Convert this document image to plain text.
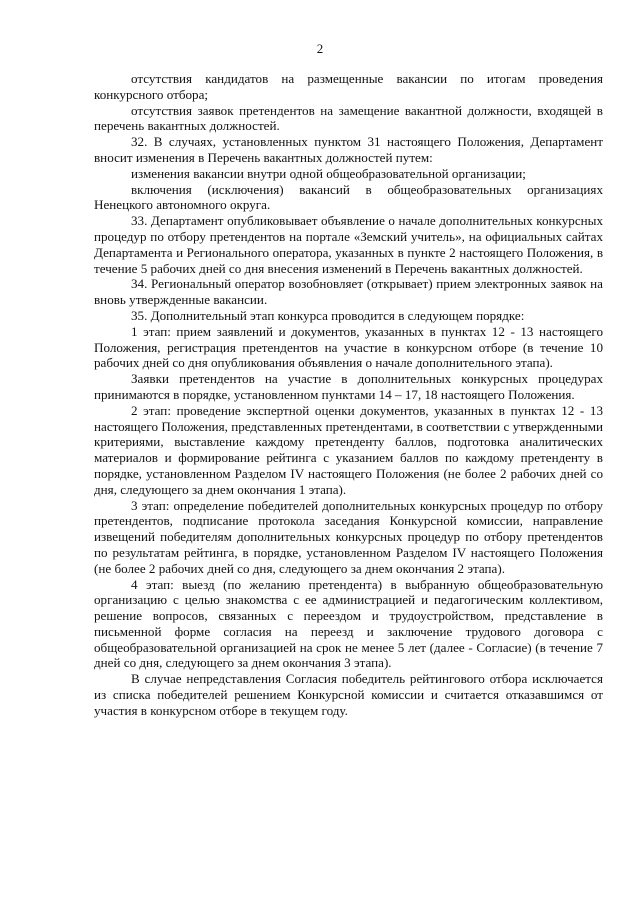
2

отсутствия кандидатов на размещенные вакансии по итогам проведения конкурсного отбора;

отсутствия заявок претендентов на замещение вакантной должности, входящей в перечень вакантных должностей.

32. В случаях, установленных пунктом 31 настоящего Положения, Департамент вносит изменения в Перечень вакантных должностей путем:

изменения вакансии внутри одной общеобразовательной организации;

включения (исключения) вакансий в общеобразовательных организациях Ненецкого автономного округа.

33. Департамент опубликовывает объявление о начале дополнительных конкурсных процедур по отбору претендентов на портале «Земский учитель», на официальных сайтах Департамента и Регионального оператора, указанных в пункте 2 настоящего Положения, в течение 5 рабочих дней со дня внесения изменений в Перечень вакантных должностей.

34. Региональный оператор возобновляет (открывает) прием электронных заявок на вновь утвержденные вакансии.

35. Дополнительный этап конкурса проводится в следующем порядке:

1 этап: прием заявлений и документов, указанных в пунктах 12 - 13 настоящего Положения, регистрация претендентов на участие в конкурсном отборе (в течение 10 рабочих дней со дня опубликования объявления о начале дополнительного этапа).

Заявки претендентов на участие в дополнительных конкурсных процедурах принимаются в порядке, установленном пунктами 14 – 17, 18 настоящего Положения.

2 этап: проведение экспертной оценки документов, указанных в пунктах 12 - 13 настоящего Положения, представленных претендентами, в соответствии с утвержденными критериями, выставление каждому претенденту баллов, подготовка аналитических материалов и формирование рейтинга с указанием баллов по каждому претенденту в порядке, установленном Разделом IV настоящего Положения (не более 2 рабочих дней со дня, следующего за днем окончания 1 этапа).

3 этап: определение победителей дополнительных конкурсных процедур по отбору претендентов, подписание протокола заседания Конкурсной комиссии, направление извещений победителям дополнительных конкурсных процедур по отбору претендентов по результатам рейтинга, в порядке, установленном Разделом IV настоящего Положения (не более 2 рабочих дней со дня, следующего за днем окончания 2 этапа).

4 этап: выезд (по желанию претендента) в выбранную общеобразовательную организацию с целью знакомства с ее администрацией и педагогическим коллективом, решение вопросов, связанных с переездом и трудоустройством, представление в письменной форме согласия на переезд и заключение трудового договора с общеобразовательной организацией на срок не менее 5 лет (далее - Согласие) (в течение 7 дней со дня, следующего за днем окончания 3 этапа).

В случае непредставления Согласия победитель рейтингового отбора исключается из списка победителей решением Конкурсной комиссии и считается отказавшимся от участия в конкурсном отборе в текущем году.
